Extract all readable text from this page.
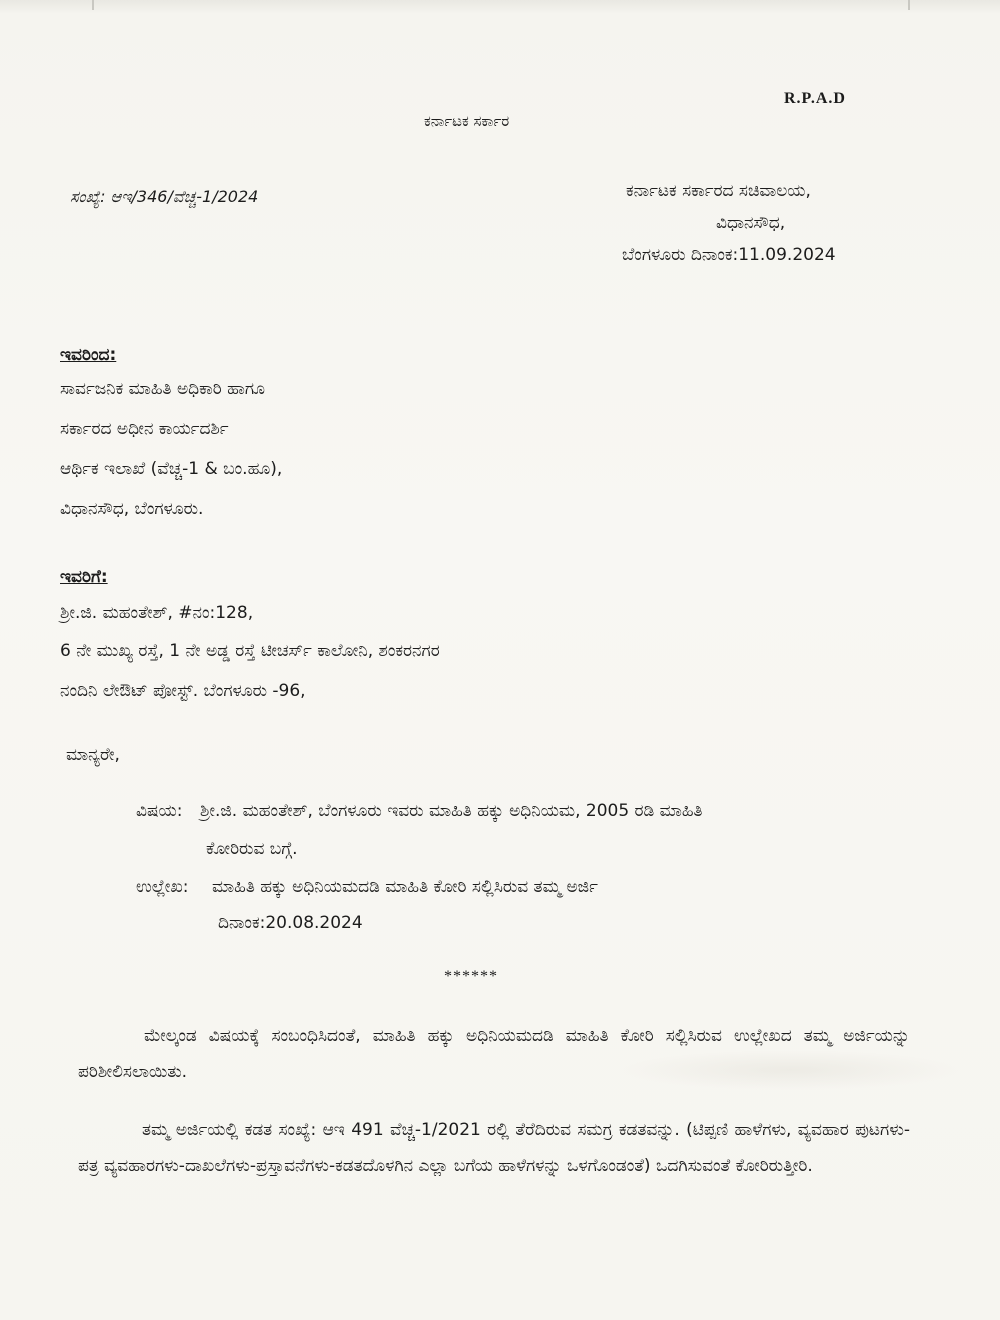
R.P.A.D
ಕರ್ನಾಟಕ ಸರ್ಕಾರ
ಸಂಖ್ಯೆ: ಆಇ/346/ವೆಚ್ಚ-1/2024	ಕರ್ನಾಟಕ ಸರ್ಕಾರದ ಸಚಿವಾಲಯ,
ವಿಧಾನಸೌಧ,
ಬೆಂಗಳೂರು ದಿನಾಂಕ:11.09.2024
ಇವರಿಂದ:
ಸಾರ್ವಜನಿಕ ಮಾಹಿತಿ ಅಧಿಕಾರಿ ಹಾಗೂ
ಸರ್ಕಾರದ ಅಧೀನ ಕಾರ್ಯದರ್ಶಿ
ಆರ್ಥಿಕ ಇಲಾಖೆ (ವೆಚ್ಚ-1 & ಬಂ.ಹೂ),
ವಿಧಾನಸೌಧ, ಬೆಂಗಳೂರು.
ಇವರಿಗೆ:
ಶ್ರೀ.ಜಿ. ಮಹಂತೇಶ್, #ನಂ:128,
6 ನೇ ಮುಖ್ಯ ರಸ್ತೆ, 1 ನೇ ಅಡ್ಡ ರಸ್ತೆ ಟೀಚರ್ಸ್ ಕಾಲೋನಿ, ಶಂಕರನಗರ
ನಂದಿನಿ ಲೇಔಟ್ ಪೋಸ್ಟ್. ಬೆಂಗಳೂರು -96,
ಮಾನ್ಯರೇ,
ವಿಷಯ: ಶ್ರೀ.ಜಿ. ಮಹಂತೇಶ್, ಬೆಂಗಳೂರು ಇವರು ಮಾಹಿತಿ ಹಕ್ಕು ಅಧಿನಿಯಮ, 2005 ರಡಿ ಮಾಹಿತಿ
ಕೋರಿರುವ ಬಗ್ಗೆ.
ಉಲ್ಲೇಖ: ಮಾಹಿತಿ ಹಕ್ಕು ಅಧಿನಿಯಮದಡಿ ಮಾಹಿತಿ ಕೋರಿ ಸಲ್ಲಿಸಿರುವ ತಮ್ಮ ಅರ್ಜಿ
ದಿನಾಂಕ:20.08.2024
******
ಮೇಲ್ಕಂಡ ವಿಷಯಕ್ಕೆ ಸಂಬಂಧಿಸಿದಂತೆ, ಮಾಹಿತಿ ಹಕ್ಕು ಅಧಿನಿಯಮದಡಿ ಮಾಹಿತಿ ಕೋರಿ ಸಲ್ಲಿಸಿರುವ ಉಲ್ಲೇಖದ ತಮ್ಮ ಅರ್ಜಿಯನ್ನು ಪರಿಶೀಲಿಸಲಾಯಿತು.
ತಮ್ಮ ಅರ್ಜಿಯಲ್ಲಿ ಕಡತ ಸಂಖ್ಯೆ: ಆಇ 491 ವೆಚ್ಚ-1/2021 ರಲ್ಲಿ ತೆರೆದಿರುವ ಸಮಗ್ರ ಕಡತವನ್ನು. (ಟಿಪ್ಪಣಿ ಹಾಳೆಗಳು, ವ್ಯವಹಾರ ಪುಟಗಳು-ಪತ್ರ ವ್ಯವಹಾರಗಳು-ದಾಖಲೆಗಳು-ಪ್ರಸ್ತಾವನೆಗಳು-ಕಡತದೊಳಗಿನ ಎಲ್ಲಾ ಬಗೆಯ ಹಾಳೆಗಳನ್ನು ಒಳಗೊಂಡಂತೆ) ಒದಗಿಸುವಂತೆ ಕೋರಿರುತ್ತೀರಿ.
